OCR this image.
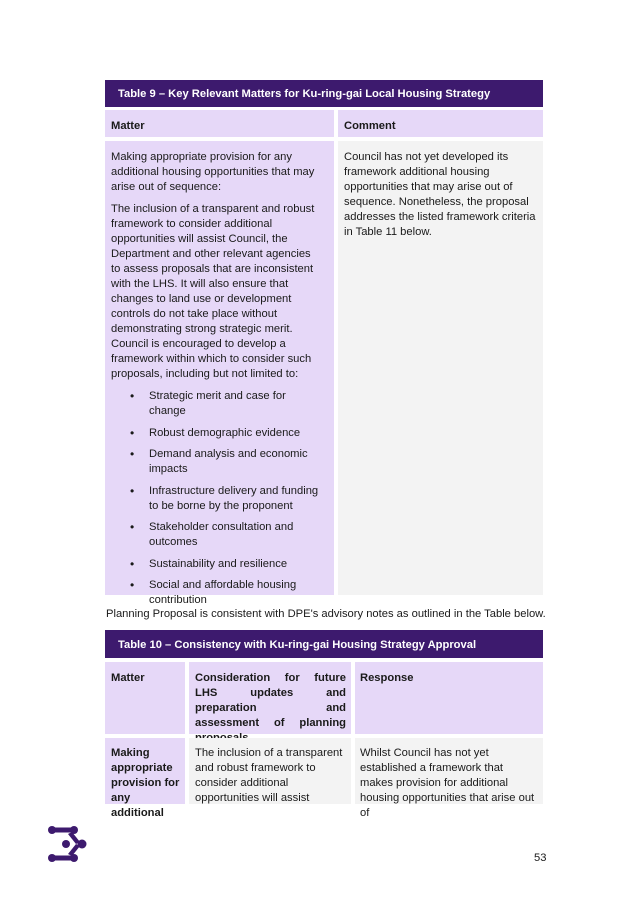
Table 9 – Key Relevant Matters for Ku-ring-gai Local Housing Strategy
Matter	Comment

Making appropriate provision for any additional housing opportunities that may arise out of sequence:

The inclusion of a transparent and robust framework to consider additional opportunities will assist Council, the Department and other relevant agencies to assess proposals that are inconsistent with the LHS. It will also ensure that changes to land use or development controls do not take place without demonstrating strong strategic merit. Council is encouraged to develop a framework within which to consider such proposals, including but not limited to:

• Strategic merit and case for change
• Robust demographic evidence
• Demand analysis and economic impacts
• Infrastructure delivery and funding to be borne by the proponent
• Stakeholder consultation and outcomes
• Sustainability and resilience
• Social and affordable housing contribution

Council has not yet developed its framework additional housing opportunities that may arise out of sequence. Nonetheless, the proposal addresses the listed framework criteria in Table 11 below.

Planning Proposal is consistent with DPE's advisory notes as outlined in the Table below.
Table 10 – Consistency with Ku-ring-gai Housing Strategy Approval
Matter	Consideration for future LHS updates and preparation and assessment of planning
Response
Making appropriate provision for any additional
The inclusion of a transparent and robust framework to consider additional opportunities will assist
Whilst Council has not yet established a framework that makes provision for additional housing opportunities that arise out of
53
